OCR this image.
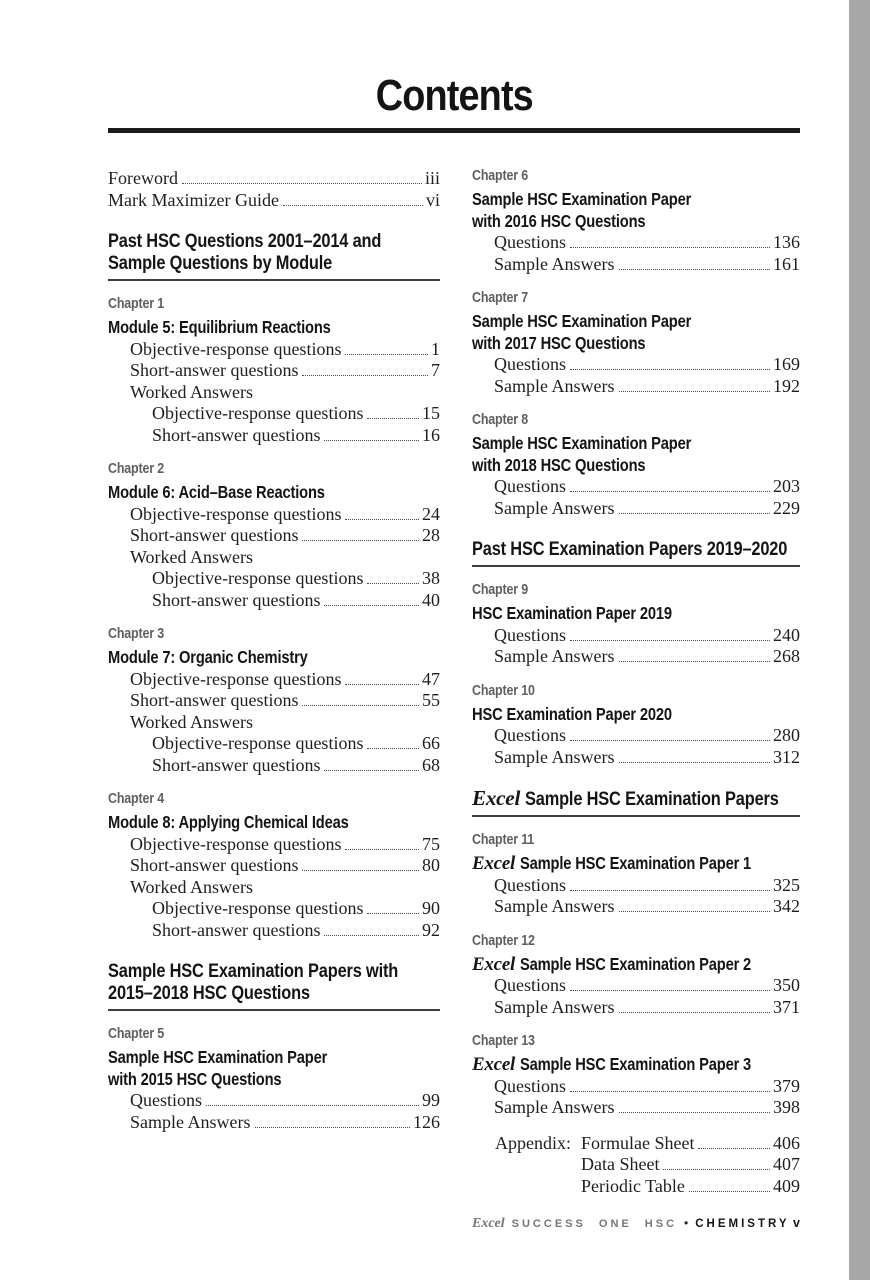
Contents
Foreword	iii
Mark Maximizer Guide	vi
Past HSC Questions 2001–2014 and
Sample Questions by Module
Chapter 1
Module 5: Equilibrium Reactions
Objective-response questions	1
Short-answer questions	7
Worked Answers
Objective-response questions	15
Short-answer questions	16
Chapter 2
Module 6: Acid–Base Reactions
Objective-response questions	24
Short-answer questions	28
Worked Answers
Objective-response questions	38
Short-answer questions	40
Chapter 3
Module 7: Organic Chemistry
Objective-response questions	47
Short-answer questions	55
Worked Answers
Objective-response questions	66
Short-answer questions	68
Chapter 4
Module 8: Applying Chemical Ideas
Objective-response questions	75
Short-answer questions	80
Worked Answers
Objective-response questions	90
Short-answer questions	92
Sample HSC Examination Papers with
2015–2018 HSC Questions
Chapter 5
Sample HSC Examination Paper
with 2015 HSC Questions
Questions	99
Sample Answers	126
Chapter 6
Sample HSC Examination Paper
with 2016 HSC Questions
Questions	136
Sample Answers	161
Chapter 7
Sample HSC Examination Paper
with 2017 HSC Questions
Questions	169
Sample Answers	192
Chapter 8
Sample HSC Examination Paper
with 2018 HSC Questions
Questions	203
Sample Answers	229
Past HSC Examination Papers 2019–2020
Chapter 9
HSC Examination Paper 2019
Questions	240
Sample Answers	268
Chapter 10
HSC Examination Paper 2020
Questions	280
Sample Answers	312
Excel Sample HSC Examination Papers
Chapter 11
Excel Sample HSC Examination Paper 1
Questions	325
Sample Answers	342
Chapter 12
Excel Sample HSC Examination Paper 2
Questions	350
Sample Answers	371
Chapter 13
Excel Sample HSC Examination Paper 3
Questions	379
Sample Answers	398
Appendix: Formulae Sheet	406
Data Sheet	407
Periodic Table	409
Excel SUCCESS ONE HSC • CHEMISTRY v
